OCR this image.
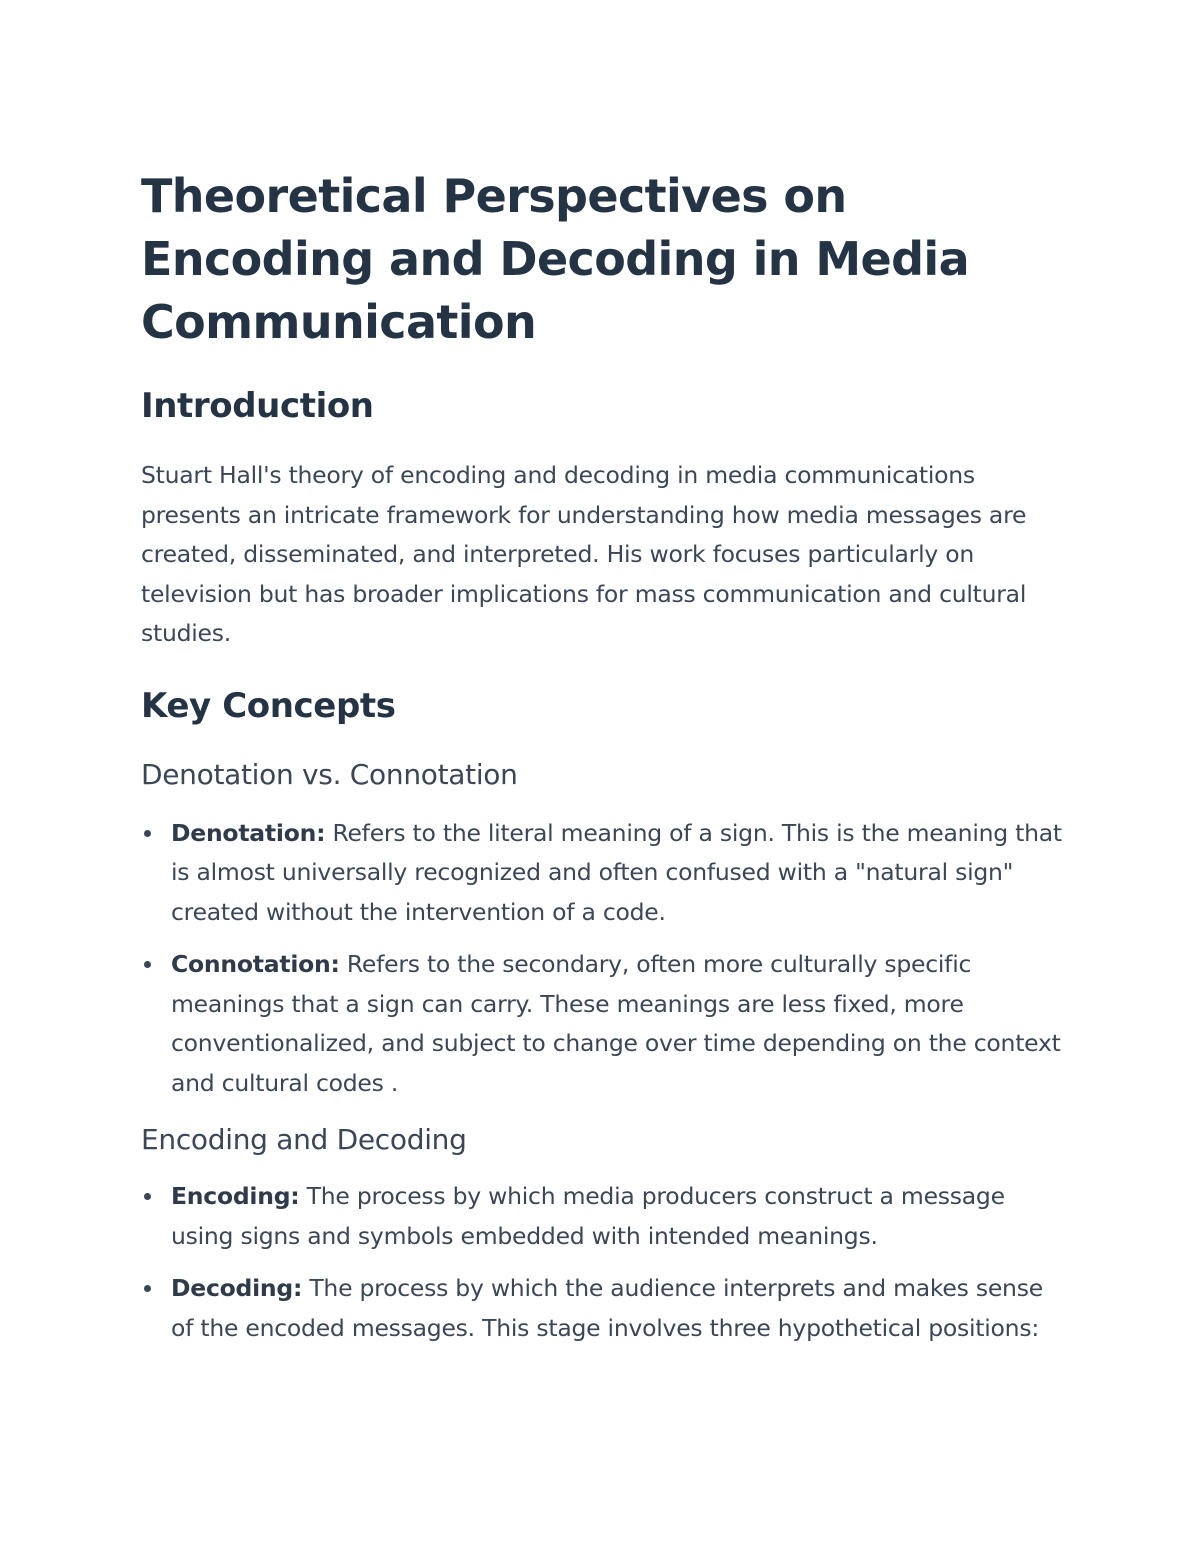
Theoretical Perspectives on Encoding and Decoding in Media Communication
Introduction

Stuart Hall's theory of encoding and decoding in media communications presents an intricate framework for understanding how media messages are created, disseminated, and interpreted. His work focuses particularly on television but has broader implications for mass communication and cultural studies.

Key Concepts
Denotation vs. Connotation
Denotation: Refers to the literal meaning of a sign. This is the meaning that is almost universally recognized and often confused with a "natural sign" created without the intervention of a code.
Connotation: Refers to the secondary, often more culturally specific meanings that a sign can carry. These meanings are less fixed, more conventionalized, and subject to change over time depending on the context and cultural codes .
Encoding and Decoding
Encoding: The process by which media producers construct a message using signs and symbols embedded with intended meanings.
Decoding: The process by which the audience interprets and makes sense of the encoded messages. This stage involves three hypothetical positions:
